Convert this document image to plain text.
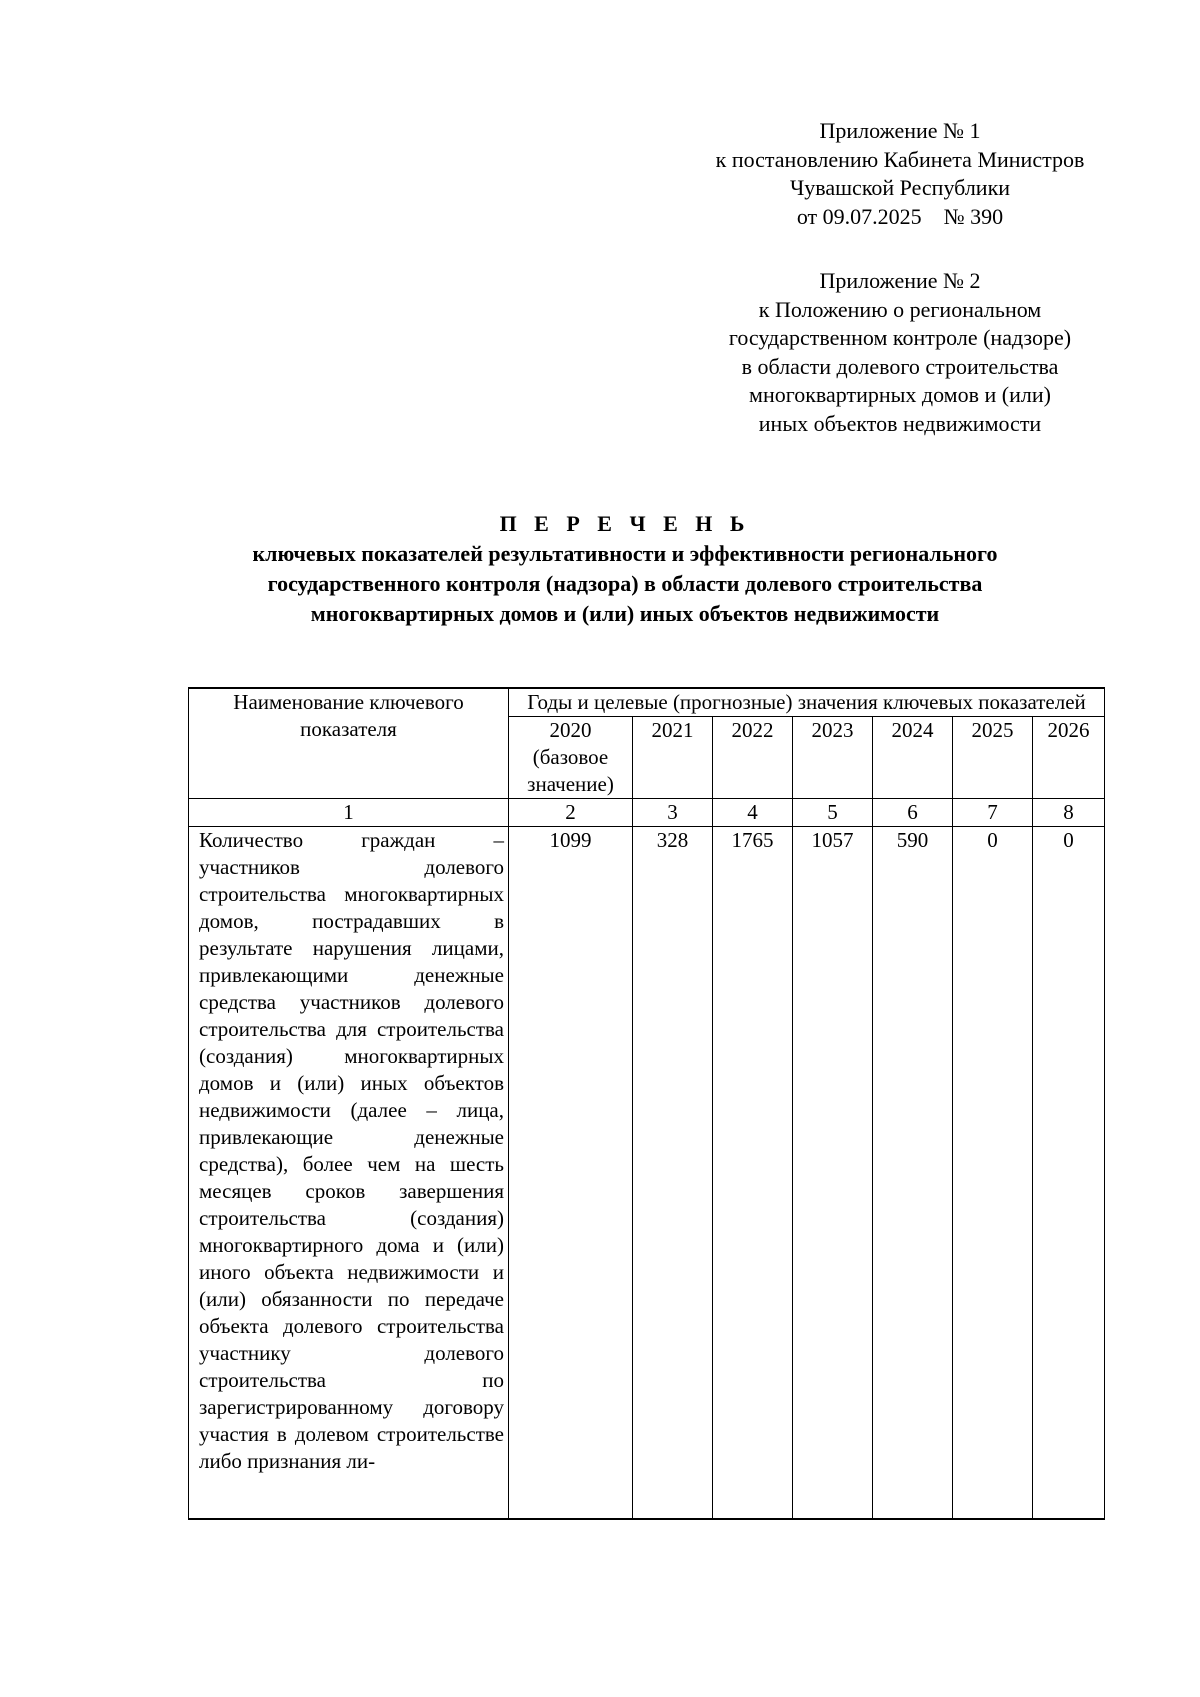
Приложение № 1
к постановлению Кабинета Министров
Чувашской Республики
от 09.07.2025    № 390
Приложение № 2
к Положению о региональном
государственном контроле (надзоре)
в области долевого строительства
многоквартирных домов и (или)
иных объектов недвижимости
П Е Р Е Ч Е Н Ь
ключевых показателей результативности и эффективности регионального
государственного контроля (надзора) в области долевого строительства
многоквартирных домов и (или) иных объектов недвижимости
Наименование ключевого показателя	Годы и целевые (прогнозные) значения ключевых показателей						
	2020 (базовое значение)	2021	2022	2023	2024	2025	2026
1	2	3	4	5	6	7	8
Количество граждан – участников долевого строительства многоквартирных домов, пострадавших в результате нарушения лицами, привлекающими денежные средства участников долевого строительства для строительства (создания) многоквартирных домов и (или) иных объектов недвижимости (далее – лица, привлекающие денежные средства), более чем на шесть месяцев сроков завершения строительства (создания) многоквартирного дома и (или) иного объекта недвижимости и (или) обязанности по передаче объекта долевого строительства участнику долевого строительства по зарегистрированному договору участия в долевом строительстве либо признания ли-	1099	328	1765	1057	590	0	0
